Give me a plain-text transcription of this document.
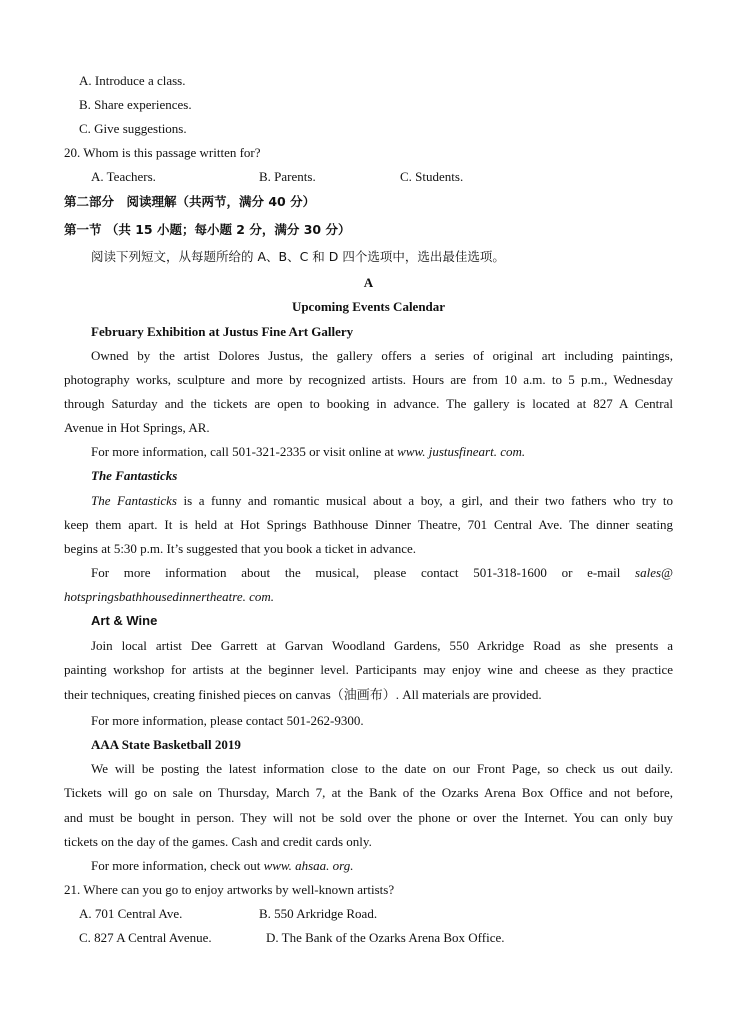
A. Introduce a class.
B. Share experiences.
C. Give suggestions.
20. Whom is this passage written for?
A. Teachers.	B. Parents.	C. Students.
第二部分　阅读理解（共两节，满分 40 分）
第一节 （共 15 小题；每小题 2 分，满分 30 分）
阅读下列短文，从每题所给的 A、B、C 和 D 四个选项中，选出最佳选项。
A
Upcoming Events Calendar
February Exhibition at Justus Fine Art Gallery
Owned by the artist Dolores Justus, the gallery offers a series of original art including paintings,
photography works, sculpture and more by recognized artists. Hours are from 10 a.m. to 5 p.m., Wednesday
through Saturday and the tickets are open to booking in advance. The gallery is located at 827 A Central
Avenue in Hot Springs, AR.
For more information, call 501-321-2335 or visit online at www. justusfineart. com.
The Fantasticks
The Fantasticks is a funny and romantic musical about a boy, a girl, and their two fathers who try to
keep them apart. It is held at Hot Springs Bathhouse Dinner Theatre, 701 Central Ave. The dinner seating
begins at 5:30 p.m. It’s suggested that you book a ticket in advance.
For more information about the musical, please contact 501-318-1600 or e-mail sales@
hotspringsbathhousedinnertheatre. com.
Art & Wine
Join local artist Dee Garrett at Garvan Woodland Gardens, 550 Arkridge Road as she presents a
painting workshop for artists at the beginner level. Participants may enjoy wine and cheese as they practice
their techniques, creating finished pieces on canvas（油画布）. All materials are provided.
For more information, please contact 501-262-9300.
AAA State Basketball 2019
We will be posting the latest information close to the date on our Front Page, so check us out daily.
Tickets will go on sale on Thursday, March 7, at the Bank of the Ozarks Arena Box Office and not before,
and must be bought in person. They will not be sold over the phone or over the Internet. You can only buy
tickets on the day of the games. Cash and credit cards only.
For more information, check out www. ahsaa. org.
21. Where can you go to enjoy artworks by well-known artists?
A. 701 Central Ave.	B. 550 Arkridge Road.
C. 827 A Central Avenue.	D. The Bank of the Ozarks Arena Box Office.
